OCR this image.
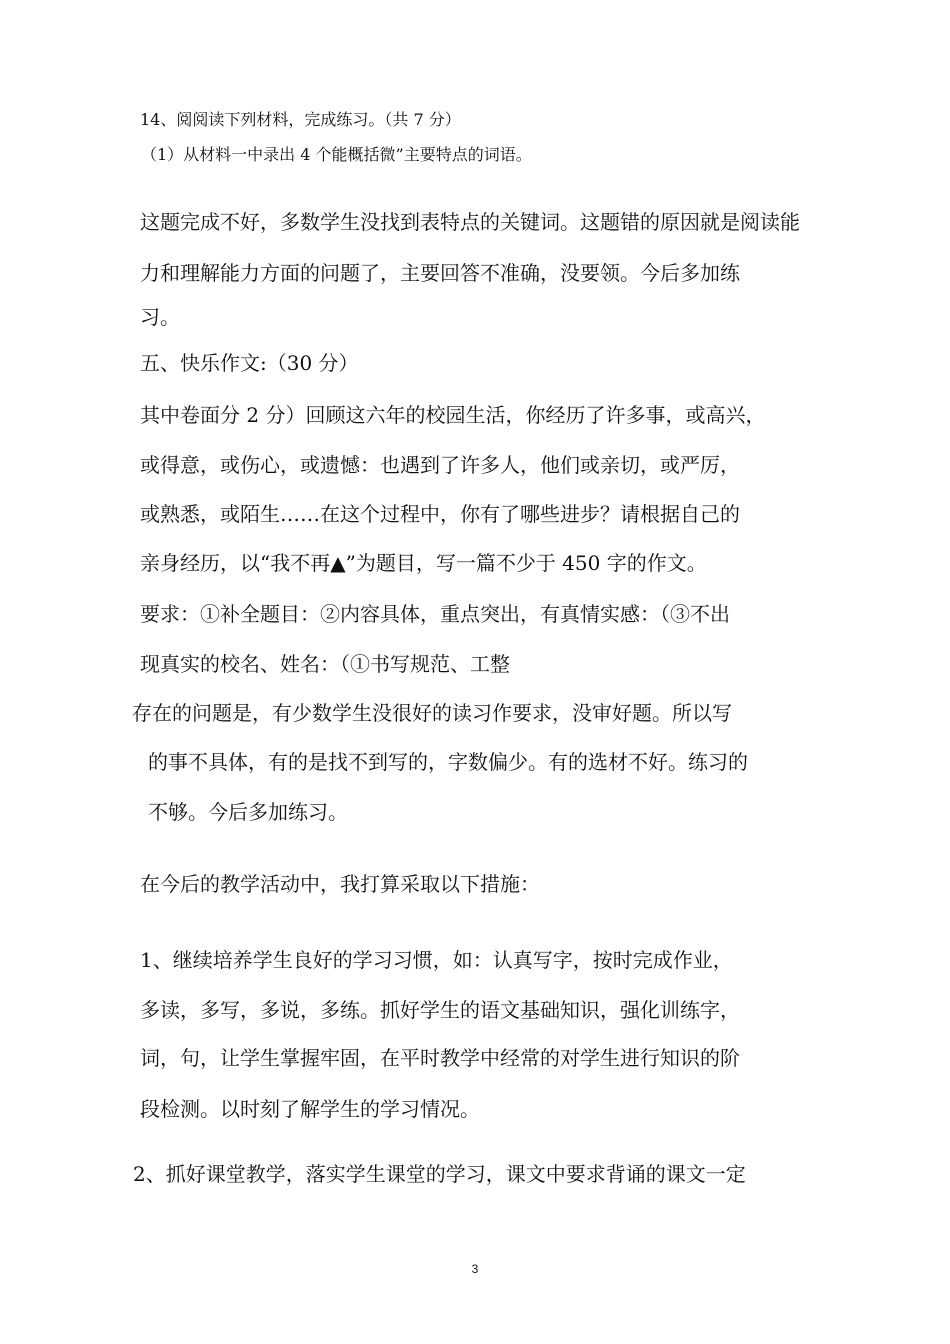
14、阅阅读下列材料，完成练习。（共 7 分）
（1）从材料一中录出 4 个能概括微”主要特点的词语。
这题完成不好，多数学生没找到表特点的关键词。这题错的原因就是阅读能
力和理解能力方面的问题了，主要回答不准确，没要领。今后多加练
习。
五、快乐作文:（30 分）
其中卷面分 2 分）回顾这六年的校园生活，你经历了许多事，或高兴，
或得意，或伤心，或遗憾：也遇到了许多人，他们或亲切，或严厉，
或熟悉，或陌生……在这个过程中，你有了哪些进步？请根据自己的
亲身经历，以“我不再▲”为题目，写一篇不少于 450 字的作文。
要求：①补全题目：②内容具体，重点突出，有真情实感：（③不出
现真实的校名、姓名：（①书写规范、工整
存在的问题是，有少数学生没很好的读习作要求，没审好题。所以写
的事不具体，有的是找不到写的，字数偏少。有的选材不好。练习的
不够。今后多加练习。
在今后的教学活动中，我打算采取以下措施：
1、继续培养学生良好的学习习惯，如：认真写字，按时完成作业，
多读，多写，多说，多练。抓好学生的语文基础知识，强化训练字，
词，句，让学生掌握牢固，在平时教学中经常的对学生进行知识的阶
段检测。以时刻了解学生的学习情况。
2、抓好课堂教学，落实学生课堂的学习，课文中要求背诵的课文一定
3
